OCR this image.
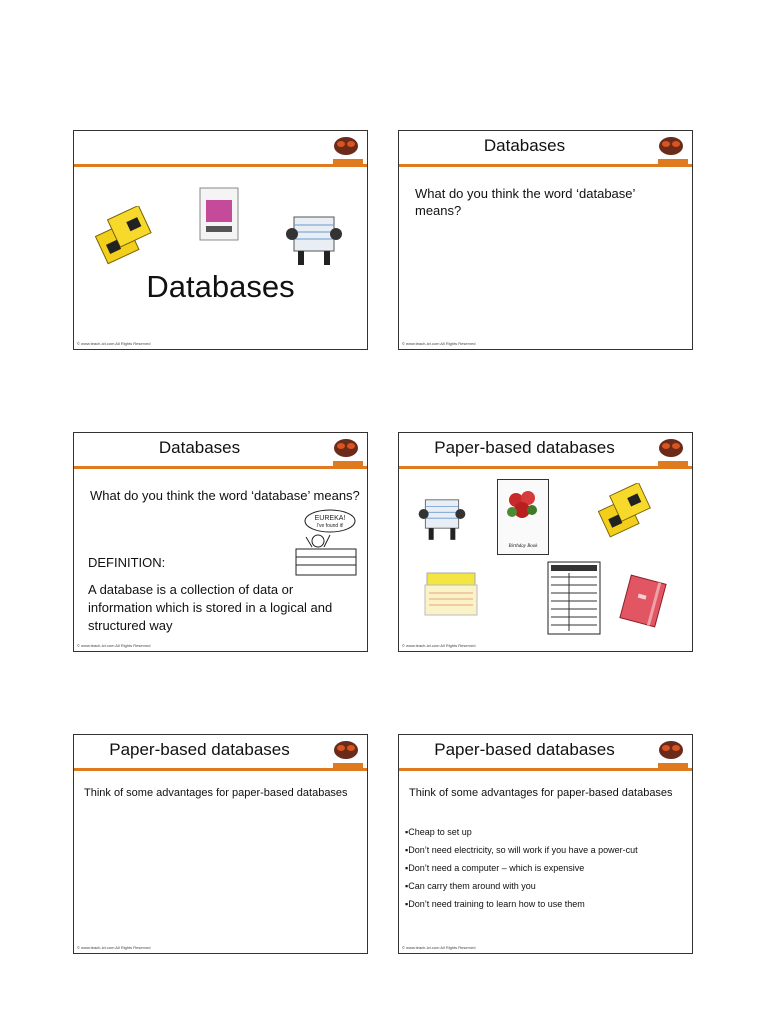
Databases
© www.teach-ict.com All Rights Reserved
Databases
What do you think the word ‘database’ means?
© www.teach-ict.com All Rights Reserved
Databases
What do you think the word ‘database’ means?
DEFINITION:
A database is a collection of data or information which is stored in a logical and structured way
EUREKA!
I’ve found it!
© www.teach-ict.com All Rights Reserved
Paper-based databases
Birthday Book
© www.teach-ict.com All Rights Reserved
Paper-based databases
Think of some advantages for paper-based databases
© www.teach-ict.com All Rights Reserved
Paper-based databases
Think of some advantages for paper-based databases
▪Cheap to set up
▪Don’t need electricity, so will work if you have a power-cut
▪Don’t need a computer – which is expensive
▪Can carry them around with you
▪Don’t need training to learn how to use them
© www.teach-ict.com All Rights Reserved
